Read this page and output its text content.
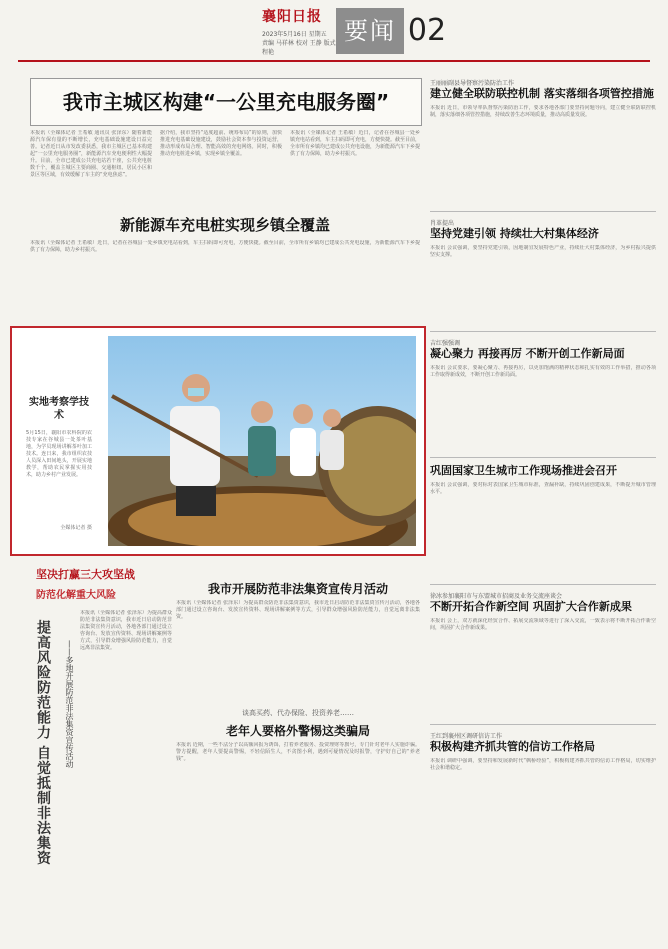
襄阳日报
2023年5月16日 星期五
责编 马祥林 校对 王静 版式 程艳
要闻 02
我市主城区构建“一公里充电服务圈”
本报讯（全媒体记者 王希敏 通讯员 张泽东）随着新能源汽车保有量的不断增长，充电基础设施建设日益完善。记者近日从市发改委获悉，我市主城区已基本构建起“一公里充电服务圈”，新能源汽车充电便利性大幅提升。目前，全市已建成公共充电站若干座，公共充电桩数千个，覆盖主城区主要商圈、交通枢纽、居民小区和景区等区域，有效缓解了车主的“充电焦虑”。
据介绍，我市坚持“适度超前、统筹布局”的原则，加快推进充电基础设施建设，鼓励社会资本参与投资运营，推动形成布局合理、智能高效的充电网络。同时，积极推动充电桩进乡镇，实现乡镇全覆盖。
本报讯（全媒体记者 王希敏）近日，记者在谷城县一处乡镇充电站看到，车主扫码即可充电，方便快捷。截至目前，全市所有乡镇均已建成公共充电设施，为新能源汽车下乡提供了有力保障，助力乡村振兴。
新能源车充电桩实现乡镇全覆盖
本报讯（全媒体记者 王希敏）近日，记者在谷城县一处乡镇充电站看到，车主扫码即可充电，方便快捷。截至目前，全市所有乡镇均已建成公共充电设施，为新能源汽车下乡提供了有力保障，助力乡村振兴。
实地考察学技术
5月15日，襄阳市农科院的农技专家在谷城县一处茶叶基地，为学员现场讲解茶叶加工技术。连日来，我市组织农技人员深入田间地头，开展实地教学，帮助农民掌握实用技术，助力乡村产业发展。
全媒体记者 摄
王丽丽副县导督察污染防治工作
建立健全联防联控机制 落实落细各项管控措施
本报讯 近日，市领导率队督察污染防治工作，要求各地各部门要坚持问题导向，建立健全联防联控机制，落实落细各项管控措施，持续改善生态环境质量，推动高质量发展。
肖革提出
坚持党建引领 持续壮大村集体经济
本报讯 会议强调，要坚持党建引领，因地制宜发展特色产业，持续壮大村集体经济，为乡村振兴提供坚实支撑。
吉红强强调
凝心聚力 再接再厉 不断开创工作新局面
本报讯 会议要求，要凝心聚力、再接再厉，以更加饱满的精神状态和扎实有效的工作举措，推动各项工作取得新成效，不断开创工作新局面。
巩固国家卫生城市工作现场推进会召开
本报讯 会议强调，要对标对表国家卫生城市标准，查漏补缺，持续巩固创建成果，不断提升城市管理水平。
徐冰参加襄阳市与东盟城市招商及业务交流座谈会
不断开拓合作新空间 巩固扩大合作新成果
本报讯 会上，双方就深化经贸合作、拓展交流领域等进行了深入交流，一致表示将不断开拓合作新空间，巩固扩大合作新成果。
王红到襄州区调研信访工作
积极构建齐抓共管的信访工作格局
本报讯 调研中强调，要坚持和发展新时代“枫桥经验”，积极构建齐抓共管的信访工作格局，切实维护社会和谐稳定。
坚决打赢三大攻坚战
防范化解重大风险
提高风险防范能力 自觉抵制非法集资 ——多地开展防范非法集资宣传活动
本报讯（全媒体记者 张泽东）为提高群众防范非法集资意识，我市近日启动防范非法集资宣传月活动，各地各部门通过设立咨询台、发放宣传资料、现场讲解案例等方式，引导群众增强风险防范能力，自觉远离非法集资。
我市开展防范非法集资宣传月活动
本报讯（全媒体记者 张泽东）为提高群众防范非法集资意识，我市近日启动防范非法集资宣传月活动，各地各部门通过设立咨询台、发放宣传资料、现场讲解案例等方式，引导群众增强风险防范能力，自觉远离非法集资。
谈高买药、代办保险、投资养老……
老年人要格外警惕这类骗局
本报讯 近期，一些不法分子以高额回报为诱饵，打着养老服务、投资理财等旗号，专门针对老年人实施诈骗。警方提醒，老年人要提高警惕，不轻信陌生人，不贪图小利，遇到可疑情况及时报警，守护好自己的“养老钱”。
